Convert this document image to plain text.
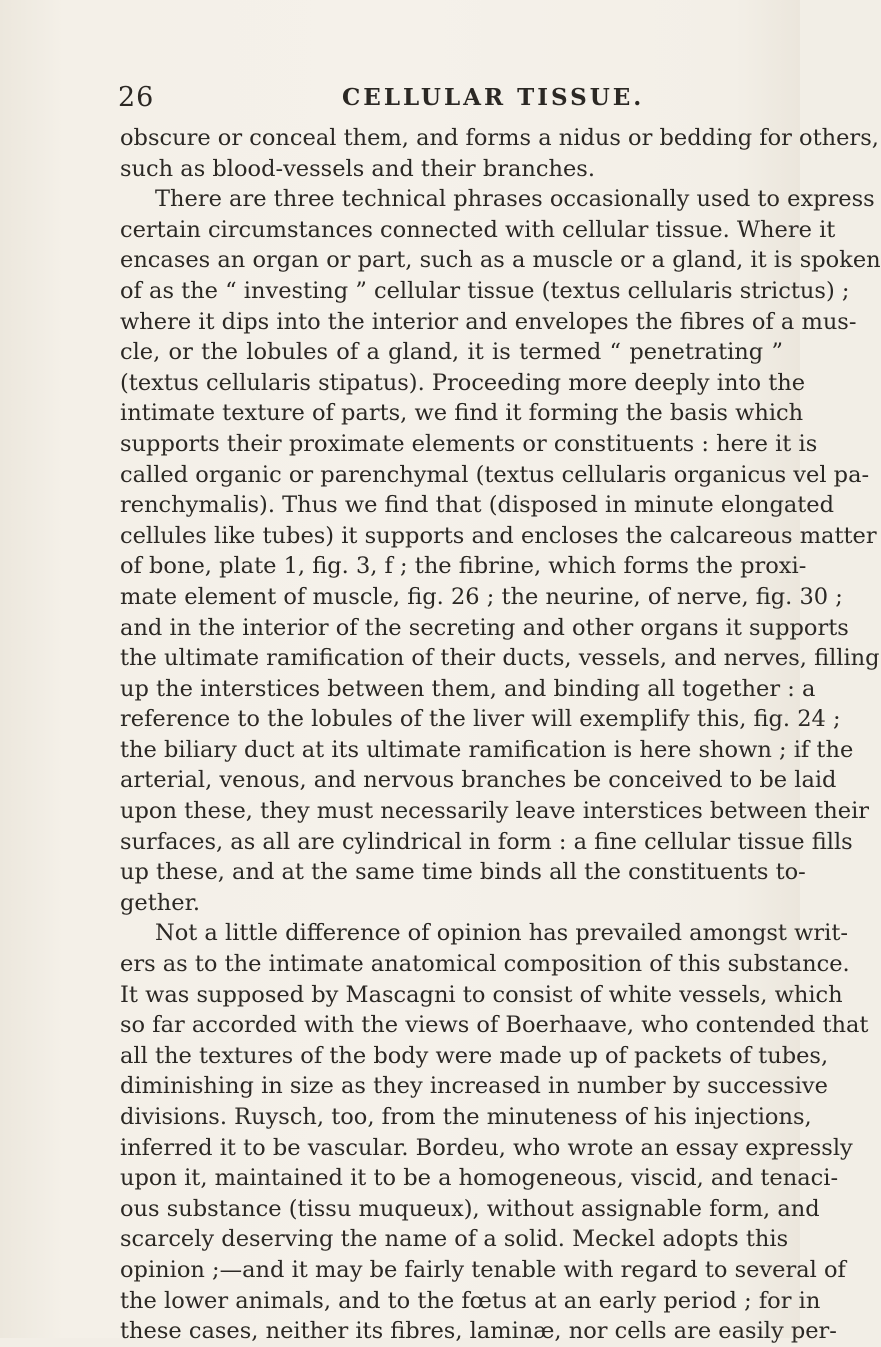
26	CELLULAR TISSUE.
obscure or conceal them, and forms a nidus or bedding for others,
such as blood-vessels and their branches.
There are three technical phrases occasionally used to express
certain circumstances connected with cellular tissue. Where it
encases an organ or part, such as a muscle or a gland, it is spoken
of as the “ investing ” cellular tissue (textus cellularis strictus) ;
where it dips into the interior and envelopes the fibres of a mus-
cle, or the lobules of a gland, it is termed “ penetrating ”
(textus cellularis stipatus). Proceeding more deeply into the
intimate texture of parts, we find it forming the basis which
supports their proximate elements or constituents : here it is
called organic or parenchymal (textus cellularis organicus vel pa-
renchymalis). Thus we find that (disposed in minute elongated
cellules like tubes) it supports and encloses the calcareous matter
of bone, plate 1, fig. 3, f ; the fibrine, which forms the proxi-
mate element of muscle, fig. 26 ; the neurine, of nerve, fig. 30 ;
and in the interior of the secreting and other organs it supports
the ultimate ramification of their ducts, vessels, and nerves, filling
up the interstices between them, and binding all together : a
reference to the lobules of the liver will exemplify this, fig. 24 ;
the biliary duct at its ultimate ramification is here shown ; if the
arterial, venous, and nervous branches be conceived to be laid
upon these, they must necessarily leave interstices between their
surfaces, as all are cylindrical in form : a fine cellular tissue fills
up these, and at the same time binds all the constituents to-
gether.
Not a little difference of opinion has prevailed amongst writ-
ers as to the intimate anatomical composition of this substance.
It was supposed by Mascagni to consist of white vessels, which
so far accorded with the views of Boerhaave, who contended that
all the textures of the body were made up of packets of tubes,
diminishing in size as they increased in number by successive
divisions. Ruysch, too, from the minuteness of his injections,
inferred it to be vascular. Bordeu, who wrote an essay expressly
upon it, maintained it to be a homogeneous, viscid, and tenaci-
ous substance (tissu muqueux), without assignable form, and
scarcely deserving the name of a solid. Meckel adopts this
opinion ;—and it may be fairly tenable with regard to several of
the lower animals, and to the fœtus at an early period ; for in
these cases, neither its fibres, laminæ, nor cells are easily per-
